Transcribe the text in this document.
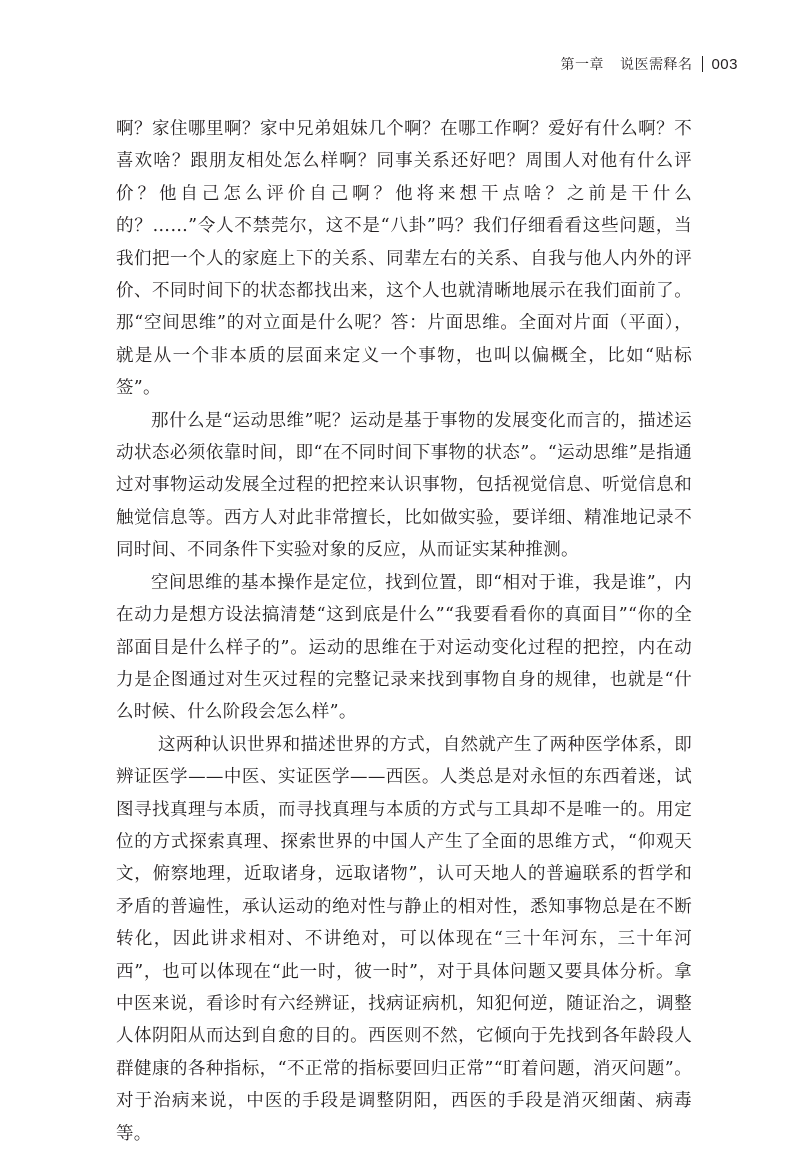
第一章 说医需释名 003

啊？家住哪里啊？家中兄弟姐妹几个啊？在哪工作啊？爱好有什么啊？不喜欢啥？跟朋友相处怎么样啊？同事关系还好吧？周围人对他有什么评价？他自己怎么评价自己啊？他将来想干点啥？之前是干什么的？……”令人不禁莞尔，这不是“八卦”吗？我们仔细看看这些问题，当我们把一个人的家庭上下的关系、同辈左右的关系、自我与他人内外的评价、不同时间下的状态都找出来，这个人也就清晰地展示在我们面前了。那“空间思维”的对立面是什么呢？答：片面思维。全面对片面（平面），就是从一个非本质的层面来定义一个事物，也叫以偏概全，比如“贴标签”。

那什么是“运动思维”呢？运动是基于事物的发展变化而言的，描述运动状态必须依靠时间，即“在不同时间下事物的状态”。“运动思维”是指通过对事物运动发展全过程的把控来认识事物，包括视觉信息、听觉信息和触觉信息等。西方人对此非常擅长，比如做实验，要详细、精准地记录不同时间、不同条件下实验对象的反应，从而证实某种推测。

空间思维的基本操作是定位，找到位置，即“相对于谁，我是谁”，内在动力是想方设法搞清楚“这到底是什么”“我要看看你的真面目”“你的全部面目是什么样子的”。运动的思维在于对运动变化过程的把控，内在动力是企图通过对生灭过程的完整记录来找到事物自身的规律，也就是“什么时候、什么阶段会怎么样”。

这两种认识世界和描述世界的方式，自然就产生了两种医学体系，即辨证医学——中医、实证医学——西医。人类总是对永恒的东西着迷，试图寻找真理与本质，而寻找真理与本质的方式与工具却不是唯一的。用定位的方式探索真理、探索世界的中国人产生了全面的思维方式，“仰观天文，俯察地理，近取诸身，远取诸物”，认可天地人的普遍联系的哲学和矛盾的普遍性，承认运动的绝对性与静止的相对性，悉知事物总是在不断转化，因此讲求相对、不讲绝对，可以体现在“三十年河东，三十年河西”，也可以体现在“此一时，彼一时”，对于具体问题又要具体分析。拿中医来说，看诊时有六经辨证，找病证病机，知犯何逆，随证治之，调整人体阴阳从而达到自愈的目的。西医则不然，它倾向于先找到各年龄段人群健康的各种指标，“不正常的指标要回归正常”“盯着问题，消灭问题”。对于治病来说，中医的手段是调整阴阳，西医的手段是消灭细菌、病毒等。
